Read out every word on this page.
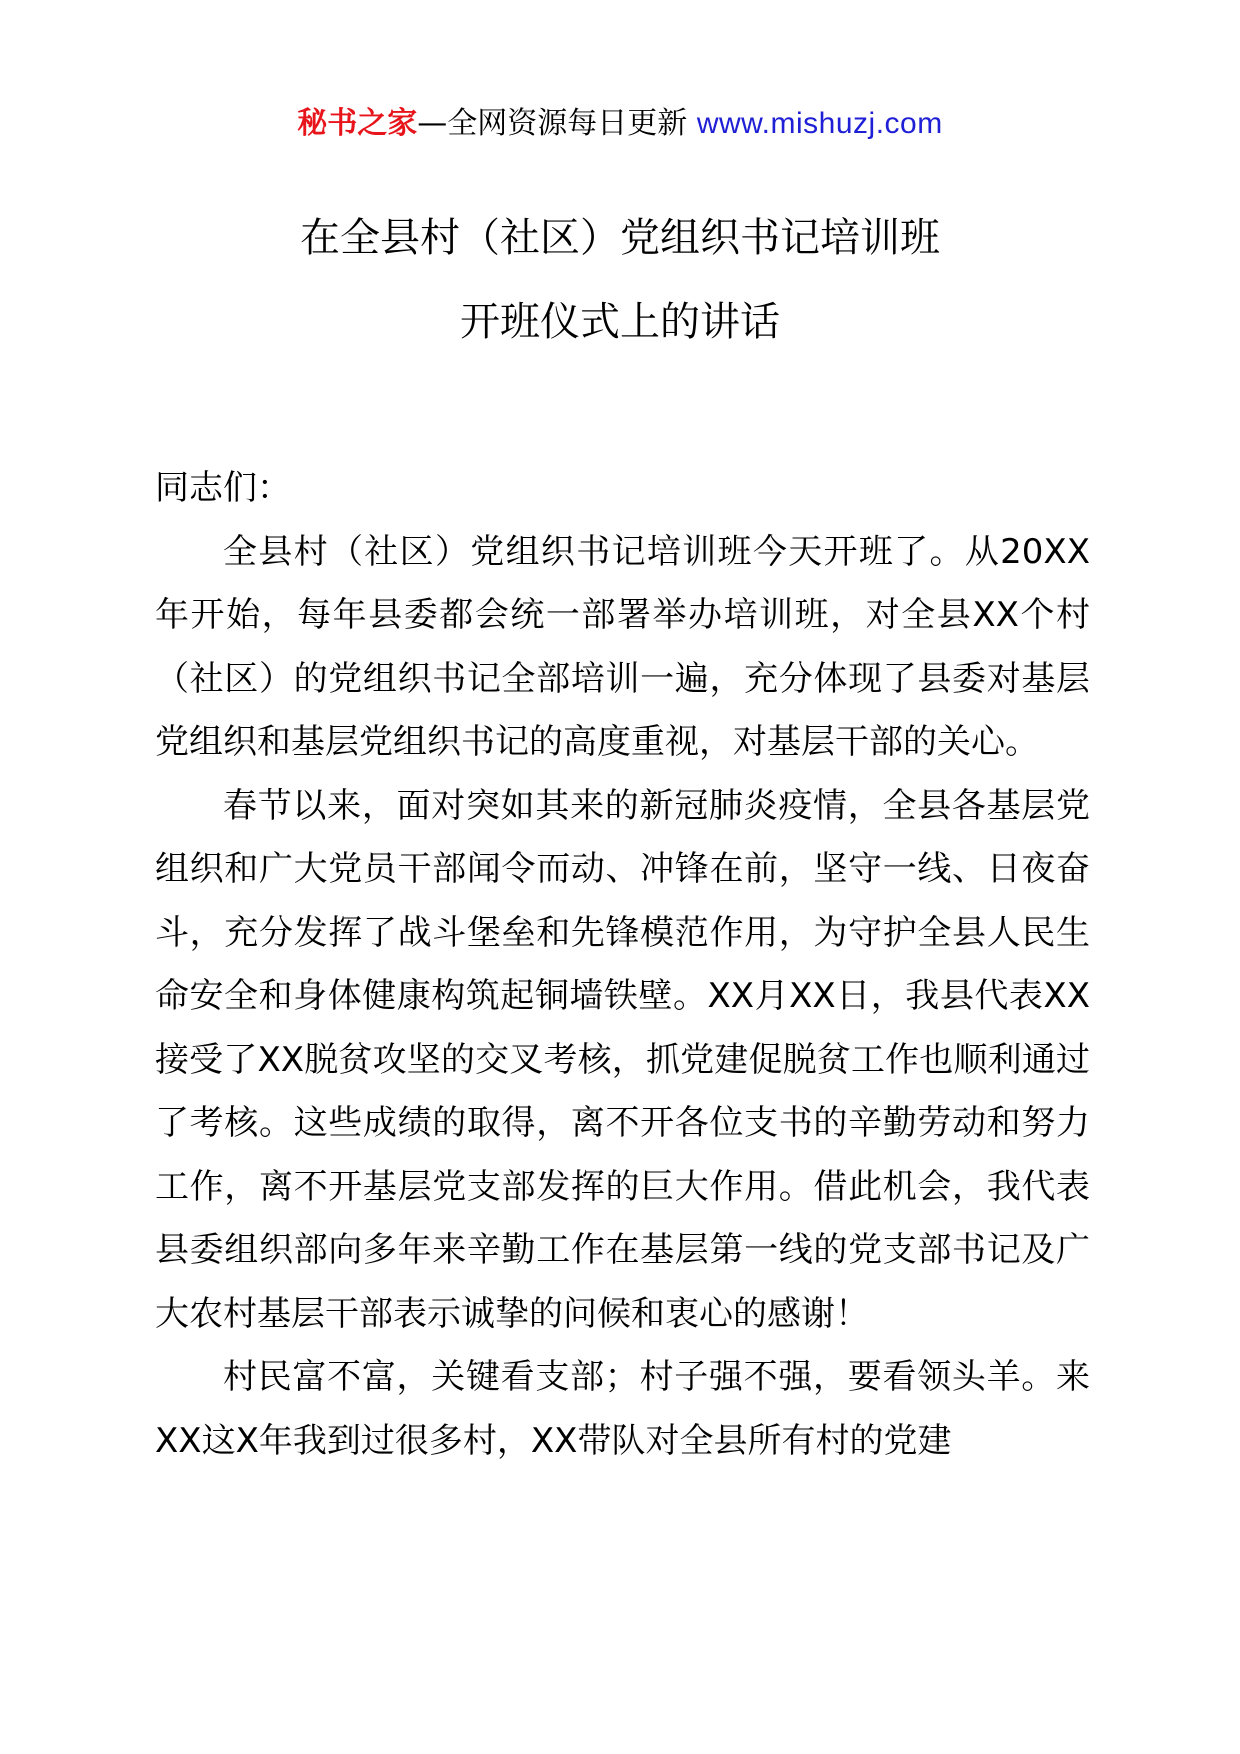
秘书之家—全网资源每日更新 www.mishuzj.com
在全县村（社区）党组织书记培训班
开班仪式上的讲话

同志们：

全县村（社区）党组织书记培训班今天开班了。从20XX年开始，每年县委都会统一部署举办培训班，对全县XX个村（社区）的党组织书记全部培训一遍，充分体现了县委对基层党组织和基层党组织书记的高度重视，对基层干部的关心。

春节以来，面对突如其来的新冠肺炎疫情，全县各基层党组织和广大党员干部闻令而动、冲锋在前，坚守一线、日夜奋斗，充分发挥了战斗堡垒和先锋模范作用，为守护全县人民生命安全和身体健康构筑起铜墙铁壁。XX月XX日，我县代表XX接受了XX脱贫攻坚的交叉考核，抓党建促脱贫工作也顺利通过了考核。这些成绩的取得，离不开各位支书的辛勤劳动和努力工作，离不开基层党支部发挥的巨大作用。借此机会，我代表县委组织部向多年来辛勤工作在基层第一线的党支部书记及广大农村基层干部表示诚挚的问候和衷心的感谢！

村民富不富，关键看支部；村子强不强，要看领头羊。来XX这X年我到过很多村，XX带队对全县所有村的党建
